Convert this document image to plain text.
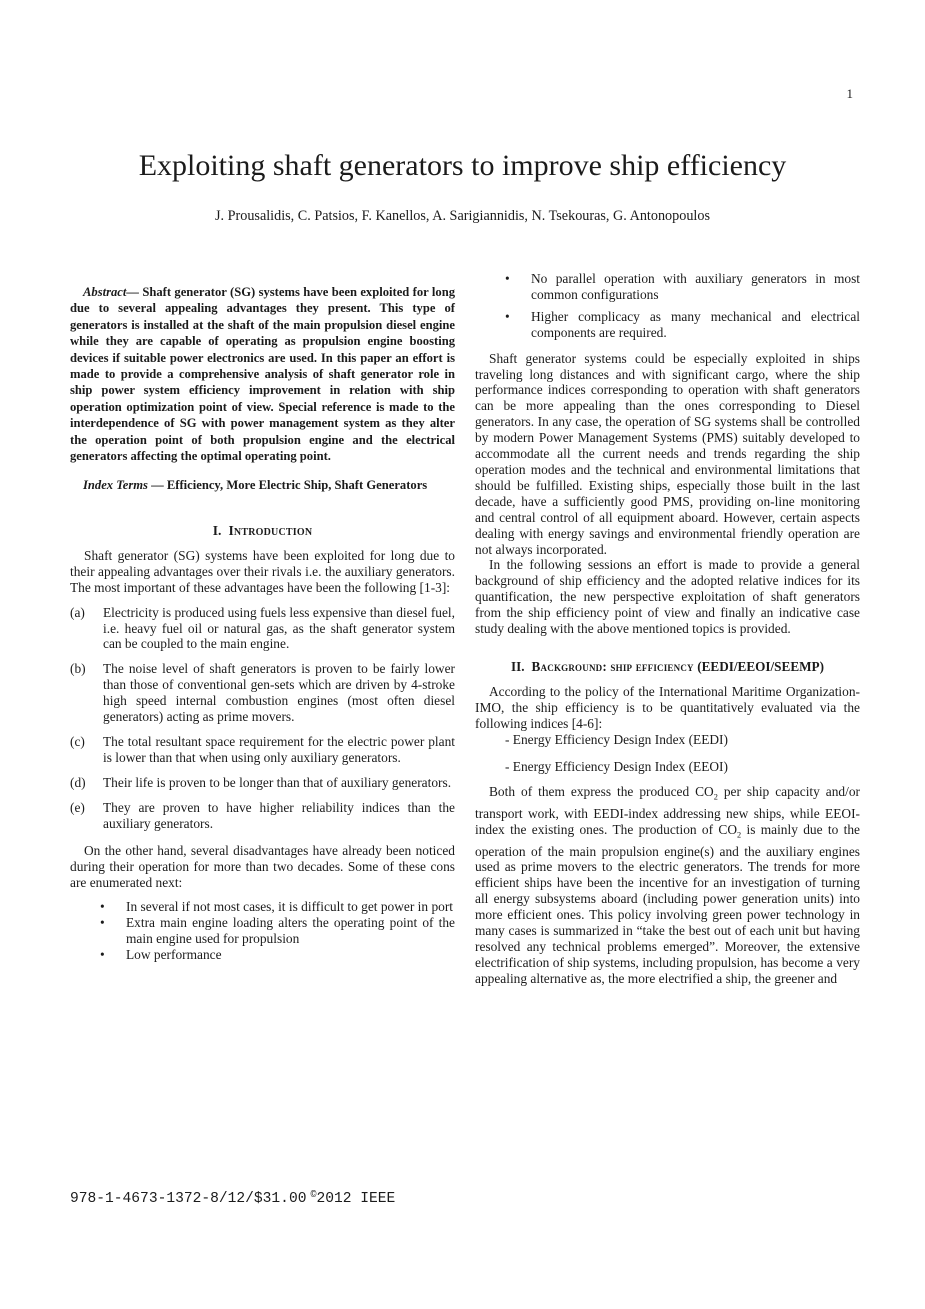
1
Exploiting shaft generators to improve ship efficiency
J. Prousalidis, C. Patsios, F. Kanellos, A. Sarigiannidis, N. Tsekouras, G. Antonopoulos

Abstract— Shaft generator (SG) systems have been exploited for long due to several appealing advantages they present. This type of generators is installed at the shaft of the main propulsion diesel engine while they are capable of operating as propulsion engine boosting devices if suitable power electronics are used. In this paper an effort is made to provide a comprehensive analysis of shaft generator role in ship power system efficiency improvement in relation with ship operation optimization point of view. Special reference is made to the interdependence of SG with power management system as they alter the operation point of both propulsion engine and the electrical generators affecting the optimal operating point.

Index Terms — Efficiency, More Electric Ship, Shaft Generators

I. Introduction

Shaft generator (SG) systems have been exploited for long due to their appealing advantages over their rivals i.e. the auxiliary generators. The most important of these advantages have been the following [1-3]:

(a)	Electricity is produced using fuels less expensive than diesel fuel, i.e. heavy fuel oil or natural gas, as the shaft generator system can be coupled to the main engine.
(b)	The noise level of shaft generators is proven to be fairly lower than those of conventional gen-sets which are driven by 4-stroke high speed internal combustion engines (most often diesel generators) acting as prime movers.
(c)	The total resultant space requirement for the electric power plant is lower than that when using only auxiliary generators.
(d)	Their life is proven to be longer than that of auxiliary generators.
(e)	They are proven to have higher reliability indices than the auxiliary generators.

On the other hand, several disadvantages have already been noticed during their operation for more than two decades. Some of these cons are enumerated next:

•	In several if not most cases, it is difficult to get power in port
•	Extra main engine loading alters the operating point of the main engine used for propulsion
•	Low performance
•	No parallel operation with auxiliary generators in most common configurations
•	Higher complicacy as many mechanical and electrical components are required.

Shaft generator systems could be especially exploited in ships traveling long distances and with significant cargo, where the ship performance indices corresponding to operation with shaft generators can be more appealing than the ones corresponding to Diesel generators. In any case, the operation of SG systems shall be controlled by modern Power Management Systems (PMS) suitably developed to accommodate all the current needs and trends regarding the ship operation modes and the technical and environmental limitations that should be fulfilled. Existing ships, especially those built in the last decade, have a sufficiently good PMS, providing on-line monitoring and central control of all equipment aboard. However, certain aspects dealing with energy savings and environmental friendly operation are not always incorporated.

In the following sessions an effort is made to provide a general background of ship efficiency and the adopted relative indices for its quantification, the new perspective exploitation of shaft generators from the ship efficiency point of view and finally an indicative case study dealing with the above mentioned topics is provided.

II. Background: ship efficiency (EEDI/EEOI/SEEMP)

According to the policy of the International Maritime Organization-IMO, the ship efficiency is to be quantitatively evaluated via the following indices [4-6]:

- Energy Efficiency Design Index (EEDI)
- Energy Efficiency Design Index (EEOI)

Both of them express the produced $CO_2$ per ship capacity and/or transport work, with EEDI-index addressing new ships, while EEOI-index the existing ones. The production of $CO_2$ is mainly due to the operation of the main propulsion engine(s) and the auxiliary engines used as prime movers to the electric generators. The trends for more efficient ships have been the incentive for an investigation of turning all energy subsystems aboard (including power generation units) into more efficient ones. This policy involving green power technology in many cases is summarized in “take the best out of each unit but having resolved any technical problems emerged”. Moreover, the extensive electrification of ship systems, including propulsion, has become a very appealing alternative as, the more electrified a ship, the greener and

978-1-4673-1372-8/12/$31.00 ©2012 IEEE
